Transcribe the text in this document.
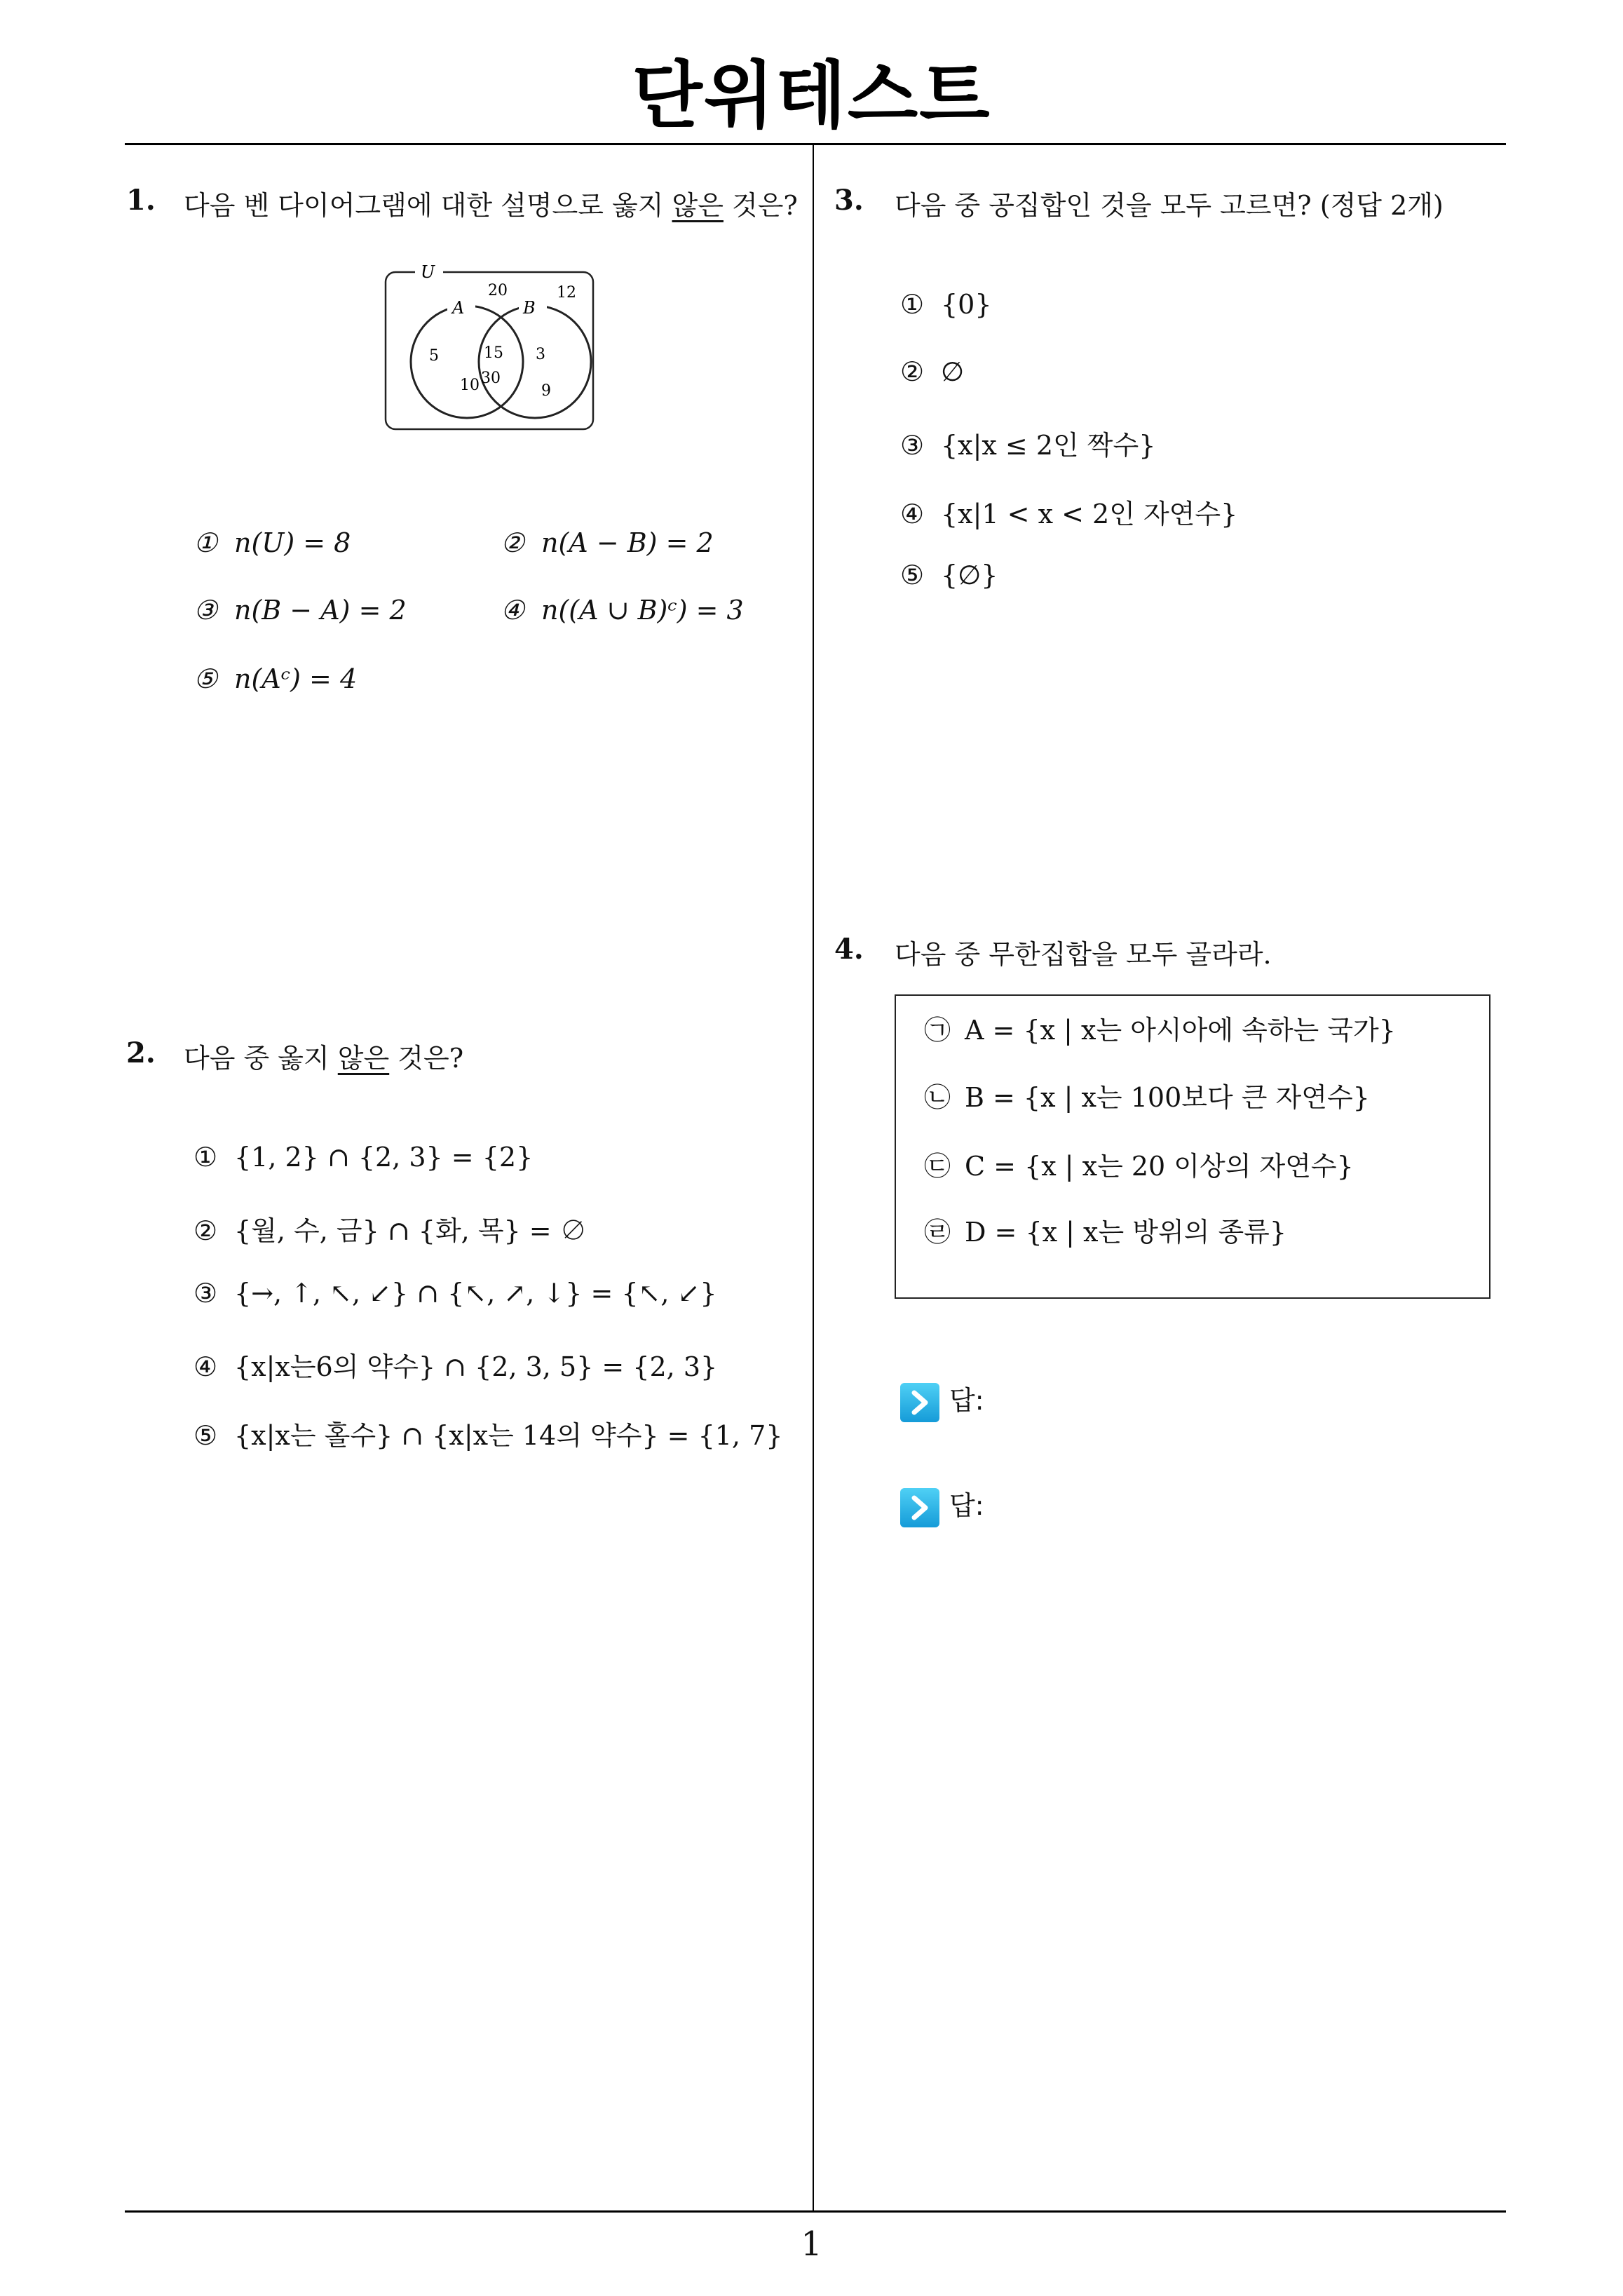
단위테스트
1
1. 다음 벤 다이어그램에 대한 설명으로 옳지 않은 것은?
U
A	B
20	12
5	15 3
10 30
9
① n(U) = 8	② n(A − B) = 2
③ n(B − A) = 2	④ n((A ∪ B)ᶜ) = 3
⑤ n(Aᶜ) = 4
2. 다음 중 옳지 않은 것은?
① {1, 2} ∩ {2, 3} = {2}
② {월, 수, 금} ∩ {화, 목} = ∅
③ {→, ↑, ↖, ↙} ∩ {↖, ↗, ↓} = {↖, ↙}
④ {x|x는6의 약수} ∩ {2, 3, 5} = {2, 3}
⑤ {x|x는 홀수} ∩ {x|x는 14의 약수} = {1, 7}
3. 다음 중 공집합인 것을 모두 고르면? (정답 2개)
① {0}
② ∅
③ {x|x ≤ 2인 짝수}
④ {x|1 < x < 2인 자연수}
⑤ {∅}
4. 다음 중 무한집합을 모두 골라라.
㉠ A = {x | x는 아시아에 속하는 국가}
㉡ B = {x | x는 100보다 큰 자연수}
㉢ C = {x | x는 20 이상의 자연수}
㉣ D = {x | x는 방위의 종류}
답:
답:
